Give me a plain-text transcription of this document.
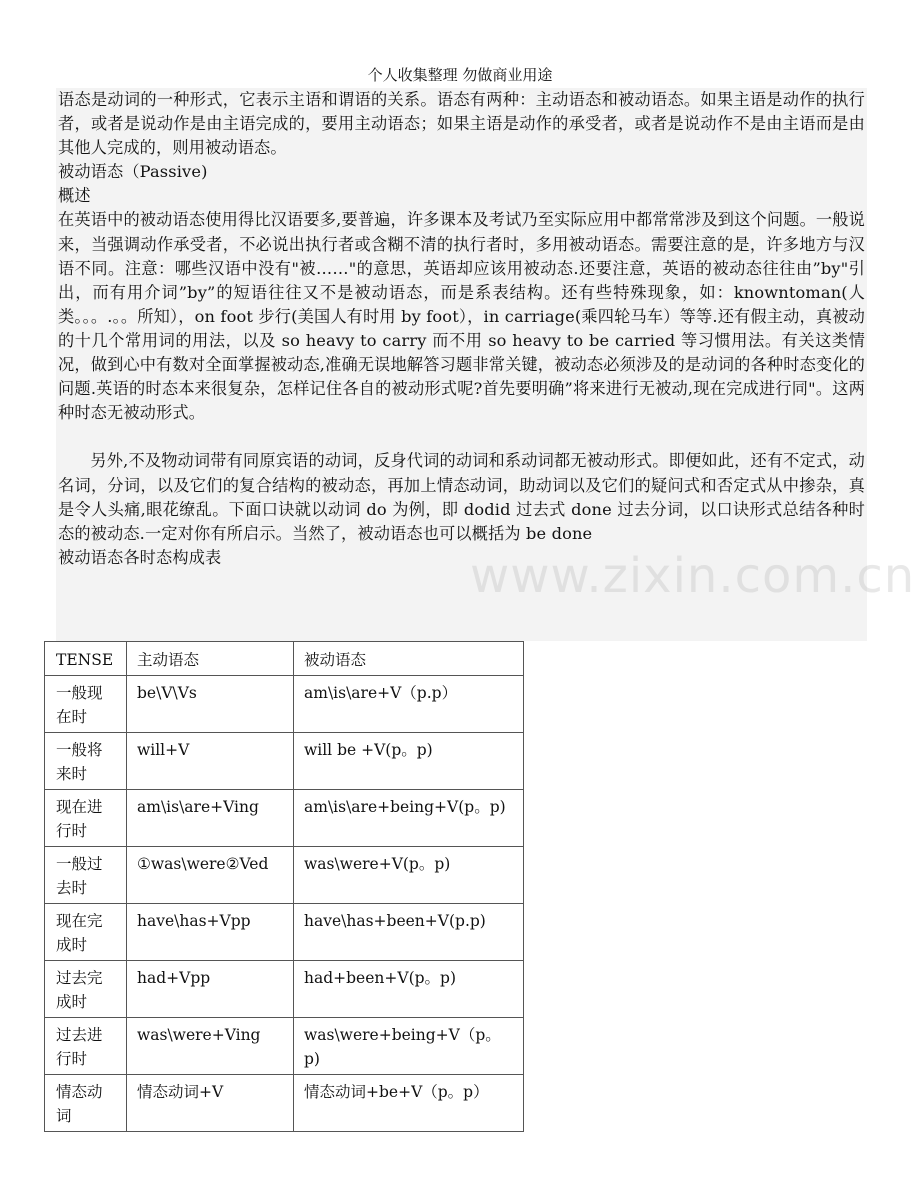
个人收集整理 勿做商业用途

语态是动词的一种形式，它表示主语和谓语的关系。语态有两种：主动语态和被动语态。如果主语是动作的执行者，或者是说动作是由主语完成的，要用主动语态；如果主语是动作的承受者，或者是说动作不是由主语而是由其他人完成的，则用被动语态。

被动语态（Passive)

概述

在英语中的被动语态使用得比汉语要多,要普遍，许多课本及考试乃至实际应用中都常常涉及到这个问题。一般说来，当强调动作承受者，不必说出执行者或含糊不清的执行者时，多用被动语态。需要注意的是，许多地方与汉语不同。注意：哪些汉语中没有"被……"的意思，英语却应该用被动态.还要注意，英语的被动态往往由”by"引出，而有用介词”by”的短语往往又不是被动语态，而是系表结构。还有些特殊现象，如：knowntoman(人类。。。.。。所知），on foot 步行(美国人有时用 by foot），in carriage(乘四轮马车）等等.还有假主动，真被动的十几个常用词的用法，以及 so heavy to carry 而不用 so heavy to be carried 等习惯用法。有关这类情况，做到心中有数对全面掌握被动态,准确无误地解答习题非常关键，被动态必须涉及的是动词的各种时态变化的问题.英语的时态本来很复杂，怎样记住各自的被动形式呢?首先要明确”将来进行无被动,现在完成进行同"。这两种时态无被动形式。

另外,不及物动词带有同原宾语的动词，反身代词的动词和系动词都无被动形式。即便如此，还有不定式，动名词，分词，以及它们的复合结构的被动态，再加上情态动词，助动词以及它们的疑问式和否定式从中掺杂，真是令人头痛,眼花缭乱。下面口诀就以动词 do 为例，即 dodid 过去式 done 过去分词，以口诀形式总结各种时态的被动态.一定对你有所启示。当然了，被动语态也可以概括为 be done

被动语态各时态构成表	www.zixin.com.cn
TENSE	主动语态	被动语态
一般现在时	be\V\Vs	am\is\are+V（p.p）
一般将来时	will+V	will be +V(p。p)
现在进行时	am\is\are+Ving	am\is\are+being+V(p。p)
一般过去时	①was\were②Ved	was\were+V(p。p)
现在完成时	have\has+Vpp	have\has+been+V(p.p)
过去完成时	had+Vpp	had+been+V(p。p)
过去进行时	was\were+Ving	was\were+being+V（p。p)
情态动词	情态动词+V	情态动词+be+V（p。p）
